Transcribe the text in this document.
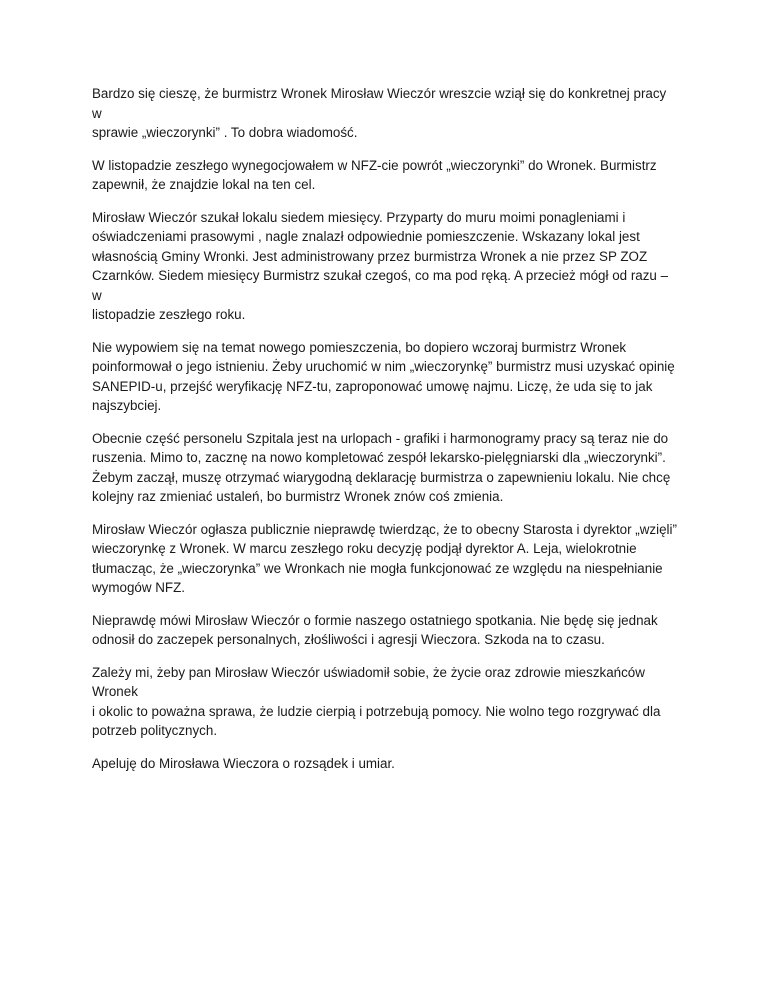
Bardzo się cieszę, że burmistrz Wronek Mirosław Wieczór wreszcie wziął się do konkretnej pracy w
sprawie „wieczorynki” . To dobra wiadomość.

W listopadzie zeszłego wynegocjowałem w NFZ-cie powrót „wieczorynki” do Wronek. Burmistrz
zapewnił, że znajdzie lokal na ten cel.

Mirosław Wieczór szukał lokalu siedem miesięcy. Przyparty do muru moimi ponagleniami i
oświadczeniami prasowymi , nagle znalazł odpowiednie pomieszczenie. Wskazany lokal jest
własnością Gminy Wronki. Jest administrowany przez burmistrza Wronek a nie przez SP ZOZ
Czarnków. Siedem miesięcy Burmistrz szukał czegoś, co ma pod ręką. A przecież mógł od razu – w
listopadzie zeszłego roku.

Nie wypowiem się na temat nowego pomieszczenia, bo dopiero wczoraj burmistrz Wronek
poinformował o jego istnieniu. Żeby uruchomić w nim „wieczorynkę” burmistrz musi uzyskać opinię
SANEPID-u, przejść weryfikację NFZ-tu, zaproponować umowę najmu. Liczę, że uda się to jak
najszybciej.

Obecnie część personelu Szpitala jest na urlopach - grafiki i harmonogramy pracy są teraz nie do
ruszenia. Mimo to, zacznę na nowo kompletować zespół lekarsko-pielęgniarski dla „wieczorynki”.
Żebym zaczął, muszę otrzymać wiarygodną deklarację burmistrza o zapewnieniu lokalu. Nie chcę
kolejny raz zmieniać ustaleń, bo burmistrz Wronek znów coś zmienia.

Mirosław Wieczór ogłasza publicznie nieprawdę twierdząc, że to obecny Starosta i dyrektor „wzięli”
wieczorynkę z Wronek. W marcu zeszłego roku decyzję podjął dyrektor A. Leja, wielokrotnie
tłumacząc, że „wieczorynka” we Wronkach nie mogła funkcjonować ze względu na niespełnianie
wymogów NFZ.

Nieprawdę mówi Mirosław Wieczór o formie naszego ostatniego spotkania. Nie będę się jednak
odnosił do zaczepek personalnych, złośliwości i agresji Wieczora. Szkoda na to czasu.

Zależy mi, żeby pan Mirosław Wieczór uświadomił sobie, że życie oraz zdrowie mieszkańców Wronek
i okolic to poważna sprawa, że ludzie cierpią i potrzebują pomocy. Nie wolno tego rozgrywać dla
potrzeb politycznych.

Apeluję do Mirosława Wieczora o rozsądek i umiar.
